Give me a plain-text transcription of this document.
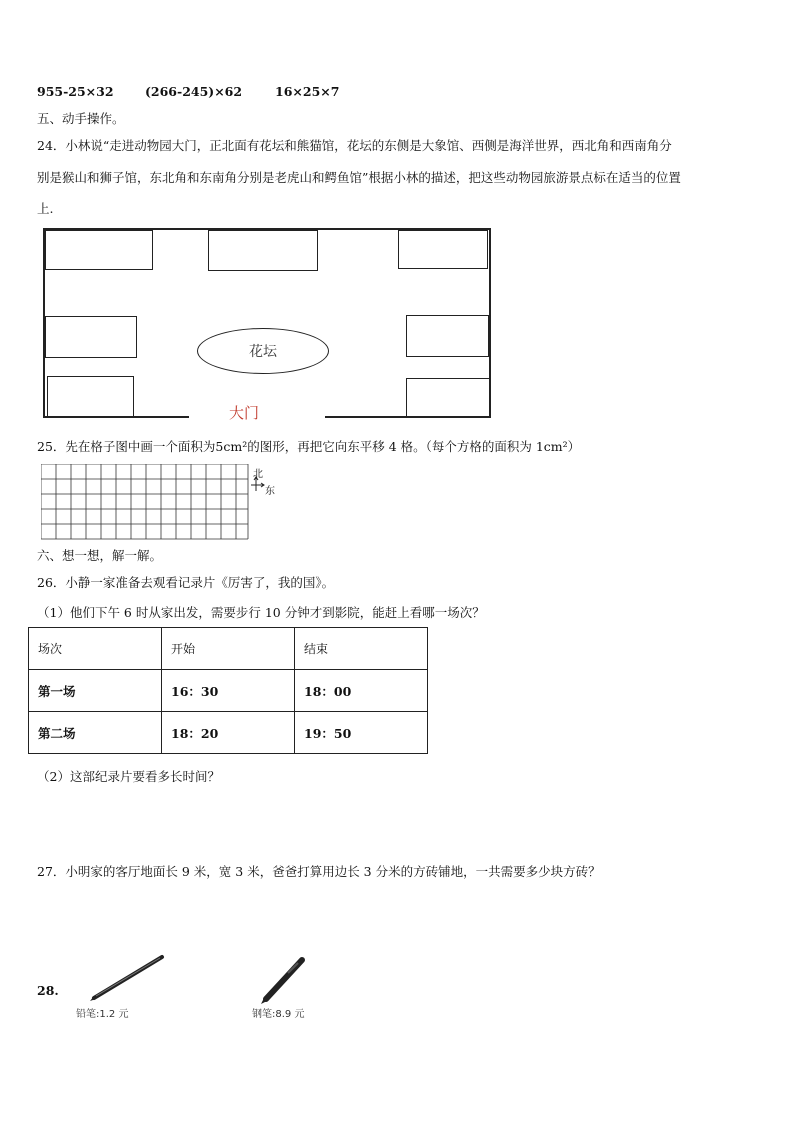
955-25×32	(266-245)×62	16×25×7
五、动手操作。
24．小林说“走进动物园大门，正北面有花坛和熊猫馆，花坛的东侧是大象馆、西侧是海洋世界，西北角和西南角分
别是猴山和狮子馆，东北角和东南角分别是老虎山和鳄鱼馆”根据小林的描述，把这些动物园旅游景点标在适当的位置
上.
花坛
大门
25．先在格子图中画一个面积为5cm²的图形，再把它向东平移 4 格。（每个方格的面积为 1cm²）
北
东
六、想一想，解一解。
26．小静一家准备去观看记录片《厉害了，我的国》。
（1）他们下午 6 时从家出发，需要步行 10 分钟才到影院，能赶上看哪一场次？
场次	开始	结束
第一场	16：30	18：00
第二场	18：20	19：50
（2）这部纪录片要看多长时间？
27．小明家的客厅地面长 9 米，宽 3 米，爸爸打算用边长 3 分米的方砖铺地，一共需要多少块方砖？
28.
铅笔:1.2 元	钢笔:8.9 元
